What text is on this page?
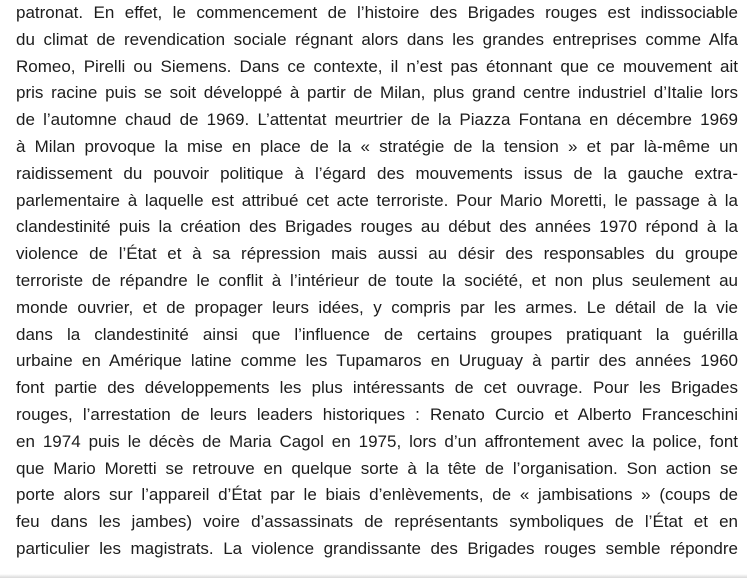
patronat. En effet, le commencement de l’histoire des Brigades rouges est indissociable
du climat de revendication sociale régnant alors dans les grandes entreprises comme Alfa
Romeo, Pirelli ou Siemens. Dans ce contexte, il n’est pas étonnant que ce mouvement ait
pris racine puis se soit développé à partir de Milan, plus grand centre industriel d’Italie lors
de l’automne chaud de 1969. L’attentat meurtrier de la Piazza Fontana en décembre 1969
à Milan provoque la mise en place de la « stratégie de la tension » et par là-même un
raidissement du pouvoir politique à l’égard des mouvements issus de la gauche extra-
parlementaire à laquelle est attribué cet acte terroriste. Pour Mario Moretti, le passage à la
clandestinité puis la création des Brigades rouges au début des années 1970 répond à la
violence de l’État et à sa répression mais aussi au désir des responsables du groupe
terroriste de répandre le conflit à l’intérieur de toute la société, et non plus seulement au
monde ouvrier, et de propager leurs idées, y compris par les armes. Le détail de la vie
dans la clandestinité ainsi que l’influence de certains groupes pratiquant la guérilla
urbaine en Amérique latine comme les Tupamaros en Uruguay à partir des années 1960
font partie des développements les plus intéressants de cet ouvrage. Pour les Brigades
rouges, l’arrestation de leurs leaders historiques : Renato Curcio et Alberto Franceschini
en 1974 puis le décès de Maria Cagol en 1975, lors d’un affrontement avec la police, font
que Mario Moretti se retrouve en quelque sorte à la tête de l’organisation. Son action se
porte alors sur l’appareil d’État par le biais d’enlèvements, de « jambisations » (coups de
feu dans les jambes) voire d’assassinats de représentants symboliques de l’État et en
particulier les magistrats. La violence grandissante des Brigades rouges semble répondre
